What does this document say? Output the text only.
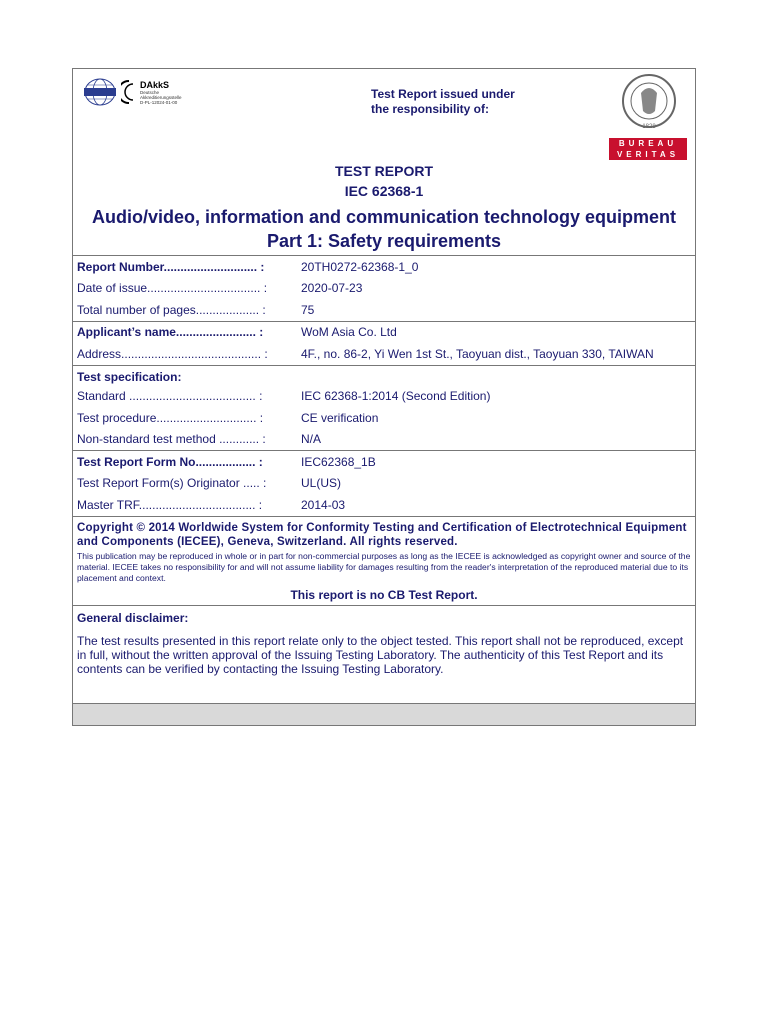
DAkkS
Deutsche
Akkreditierungsstelle
D-PL-12024-01-00
Test Report issued under
the responsibility of:
1828
BUREAU
VERITAS
TEST REPORT
IEC 62368-1
Audio/video, information and communication technology equipment
Part 1: Safety requirements
Report Number............................ :	20TH0272-62368-1_0
Date of issue.................................. :	2020-07-23
Total number of pages................... :	75
Applicant’s name........................ :	WoM Asia Co. Ltd
Address.......................................... :	4F., no. 86-2, Yi Wen 1st St., Taoyuan dist., Taoyuan 330, TAIWAN
Test specification:
Standard ...................................... :	IEC 62368-1:2014 (Second Edition)
Test procedure.............................. :	CE verification
Non-standard test method ............ :	N/A
Test Report Form No.................. :	IEC62368_1B
Test Report Form(s) Originator ..... :	UL(US)
Master TRF................................... :	2014-03
Copyright © 2014 Worldwide System for Conformity Testing and Certification of Electrotechnical Equipment and Components (IECEE), Geneva, Switzerland. All rights reserved.
This publication may be reproduced in whole or in part for non-commercial purposes as long as the IECEE is acknowledged as copyright owner and source of the material. IECEE takes no responsibility for and will not assume liability for damages resulting from the reader's interpretation of the reproduced material due to its placement and context.
This report is no CB Test Report.
General disclaimer:
The test results presented in this report relate only to the object tested. This report shall not be reproduced, except in full, without the written approval of the Issuing Testing Laboratory. The authenticity of this Test Report and its contents can be verified by contacting the Issuing Testing Laboratory.
